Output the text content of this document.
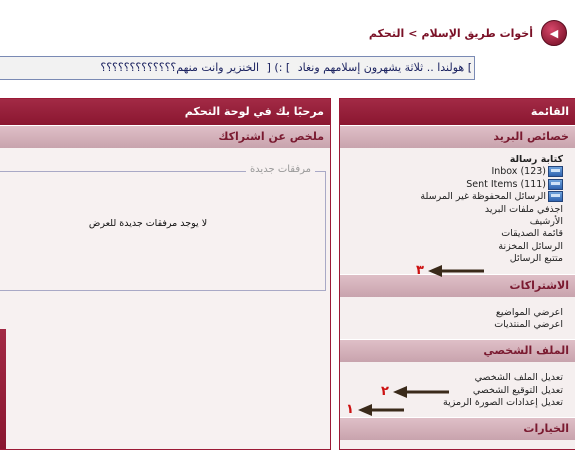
◀
أخوات طريق الإسلام
>
التحكم
] هولندا .. ثلاثة يشهرون إسلامهم ونغاد ] :) [ الخنزير وانت منهم؟؟؟؟؟؟؟؟؟؟؟؟؟
مرحبًا بك في لوحة التحكم
ملخص عن اشتراكك
مرفقات جديدة
لا يوجد مرفقات جديدة للعرض
القائمة
خصائص البريد
كتابة رسالة
Inbox (123)
Sent Items (111)
الرسائل المحفوظة غير المرسلة
اجذفي ملفات البريد
الأرشيف
قائمة الصديقات
الرسائل المخزنة
متتبع الرسائل
الاشتراكات
اعرضي المواضيع
اعرضي المنتديات
الملف الشخصي
تعديل الملف الشخصي
تعديل التوقيع الشخصي
تعديل إعدادات الصورة الرمزية
الخيارات
٣
٢
١
